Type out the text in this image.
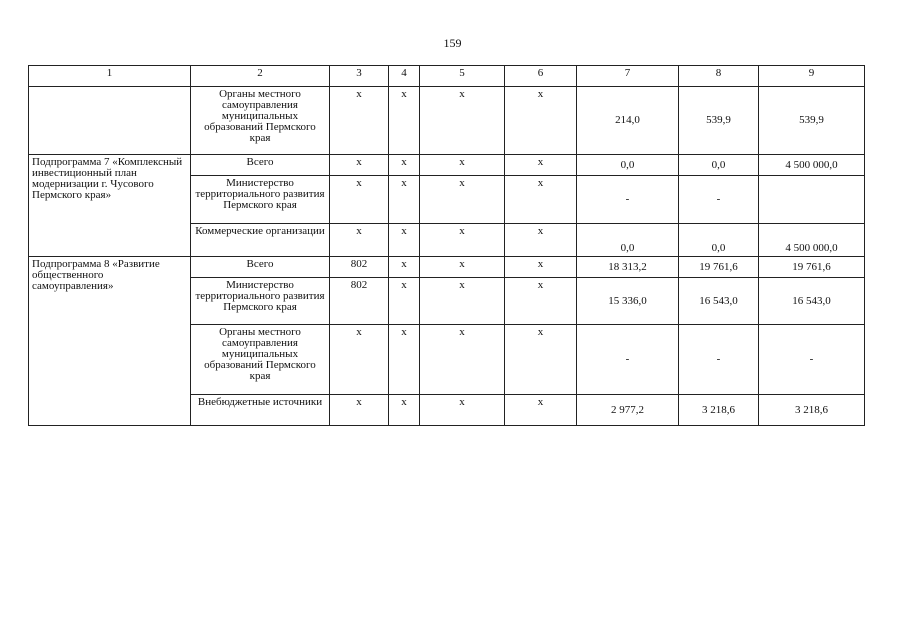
159
1	2	3	4	5	6	7	8	9
	Органы местного самоуправления муниципальных образований Пермского края	x	x	x	x	214,0	539,9	539,9
Подпрограмма 7 «Комплексный инвестиционный план модернизации г. Чусового Пермского края»	Всего	x	x	x	x	0,0	0,0	4 500 000,0
	Министерство территориального развития Пермского края	x	x	x	x	-	-	
	Коммерческие организации	x	x	x	x	0,0	0,0	4 500 000,0
Подпрограмма 8 «Развитие общественного самоуправления»	Всего	802	x	x	x	18 313,2	19 761,6	19 761,6
	Министерство территориального развития Пермского края	802	x	x	x	15 336,0	16 543,0	16 543,0
	Органы местного самоуправления муниципальных образований Пермского края	x	x	x	x	-	-	-
	Внебюджетные источники	x	x	x	x	2 977,2	3 218,6	3 218,6
